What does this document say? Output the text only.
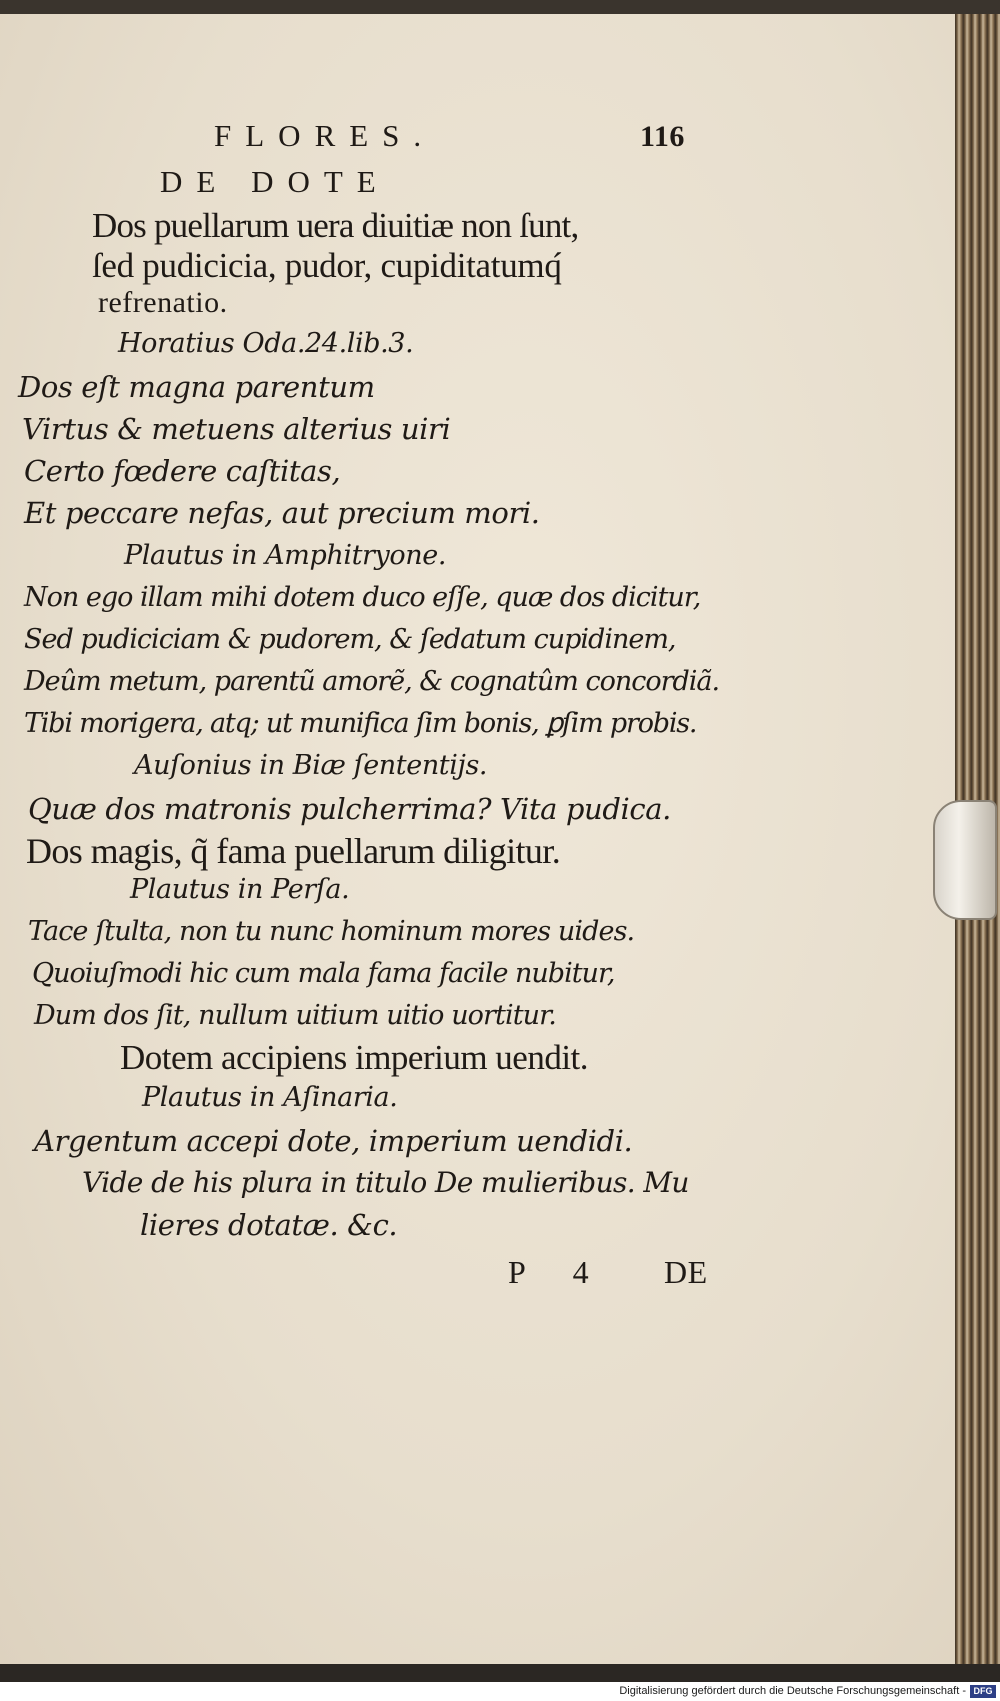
FLORES.	116
DE DOTE
Dos puellarum uera diuitiæ non ſunt,
ſed pudicicia, pudor, cupiditatumq́
refrenatio.
Horatius Oda.24.lib.3.
Dos eſt magna parentum
Virtus & metuens alterius uiri
Certo fœdere caſtitas,
Et peccare nefas, aut precium mori.
Plautus in Amphitryone.
Non ego illam mihi dotem duco eſſe, quæ dos dicitur,
Sed pudiciciam & pudorem, & ſedatum cupidinem,
Deûm metum, parentũ amorẽ, & cognatûm concordiã.
Tibi morigera, atq; ut munifica ſim bonis, ꝑſim probis.
Auſonius in Biæ ſententijs.
Quæ dos matronis pulcherrima? Vita pudica.
Dos magis, q̃ fama puellarum diligitur.
Plautus in Perſa.
Tace ſtulta, non tu nunc hominum mores uides.
Quoiuſmodi hic cum mala fama facile nubitur,
Dum dos ſit, nullum uitium uitio uortitur.
Dotem accipiens imperium uendit.
Plautus in Aſinaria.
Argentum accepi dote, imperium uendidi.
Vide de his plura in titulo De mulieribus. Mu
lieres dotatæ. &c.
P 4 DE
Digitalisierung gefördert durch die Deutsche Forschungsgemeinschaft - DFG
